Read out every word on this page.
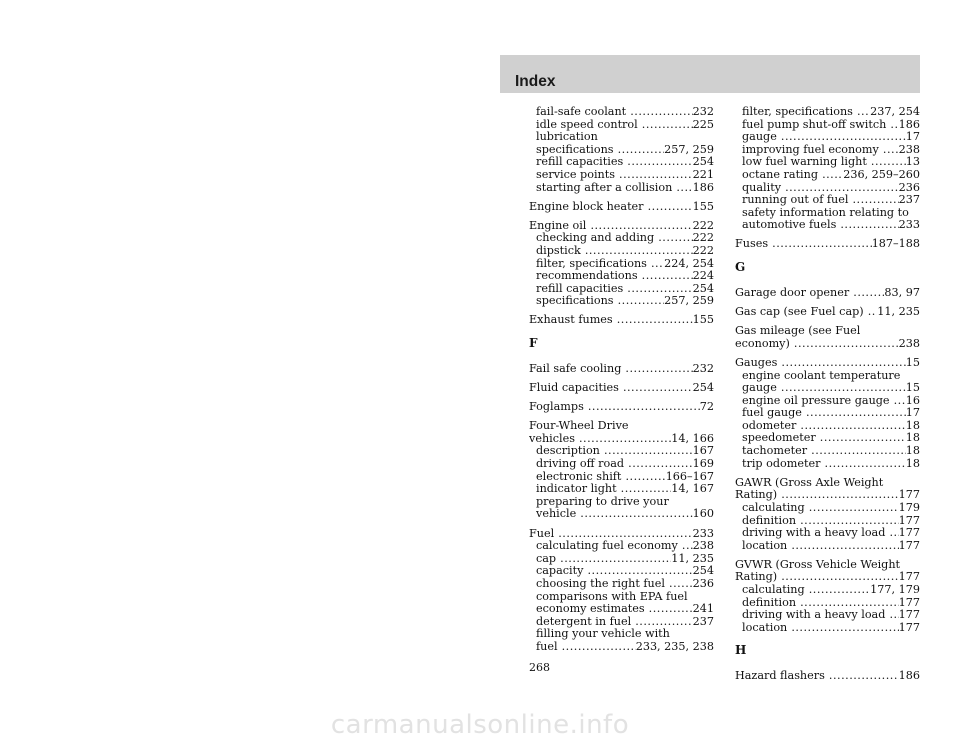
Index
fail-safe coolant .....	232
idle speed control .....	225
lubrication
specifications .....	257, 259
refill capacities .....	254
service points .....	221
starting after a collision .....	186
Engine block heater .....	155
Engine oil .....	222
checking and adding .....	222
dipstick .....	222
filter, specifications .....	224, 254
recommendations .....	224
refill capacities .....	254
specifications .....	257, 259
Exhaust fumes .....	155
F
Fail safe cooling .....	232
Fluid capacities .....	254
Foglamps .....	72
Four-Wheel Drive
vehicles .....	14, 166
description .....	167
driving off road .....	169
electronic shift .....	166–167
indicator light .....	14, 167
preparing to drive your
vehicle .....	160
Fuel .....	233
calculating fuel economy .....	238
cap .....	11, 235
capacity .....	254
choosing the right fuel .....	236
comparisons with EPA fuel
economy estimates .....	241
detergent in fuel .....	237
filling your vehicle with
fuel .....	233, 235, 238
filter, specifications .....	237, 254
fuel pump shut-off switch .....	186
gauge .....	17
improving fuel economy .....	238
low fuel warning light .....	13
octane rating .....	236, 259–260
quality .....	236
running out of fuel .....	237
safety information relating to
automotive fuels .....	233
Fuses .....	187–188
G
Garage door opener .....	83, 97
Gas cap (see Fuel cap) .....	11, 235
Gas mileage (see Fuel
economy) .....	238
Gauges .....	15
engine coolant temperature
gauge .....	15
engine oil pressure gauge .....	16
fuel gauge .....	17
odometer .....	18
speedometer .....	18
tachometer .....	18
trip odometer .....	18
GAWR (Gross Axle Weight
Rating) .....	177
calculating .....	179
definition .....	177
driving with a heavy load .....	177
location .....	177
GVWR (Gross Vehicle Weight
Rating) .....	177
calculating .....	177, 179
definition .....	177
driving with a heavy load .....	177
location .....	177
H
Hazard flashers .....	186
268
carmanualsonline.info
